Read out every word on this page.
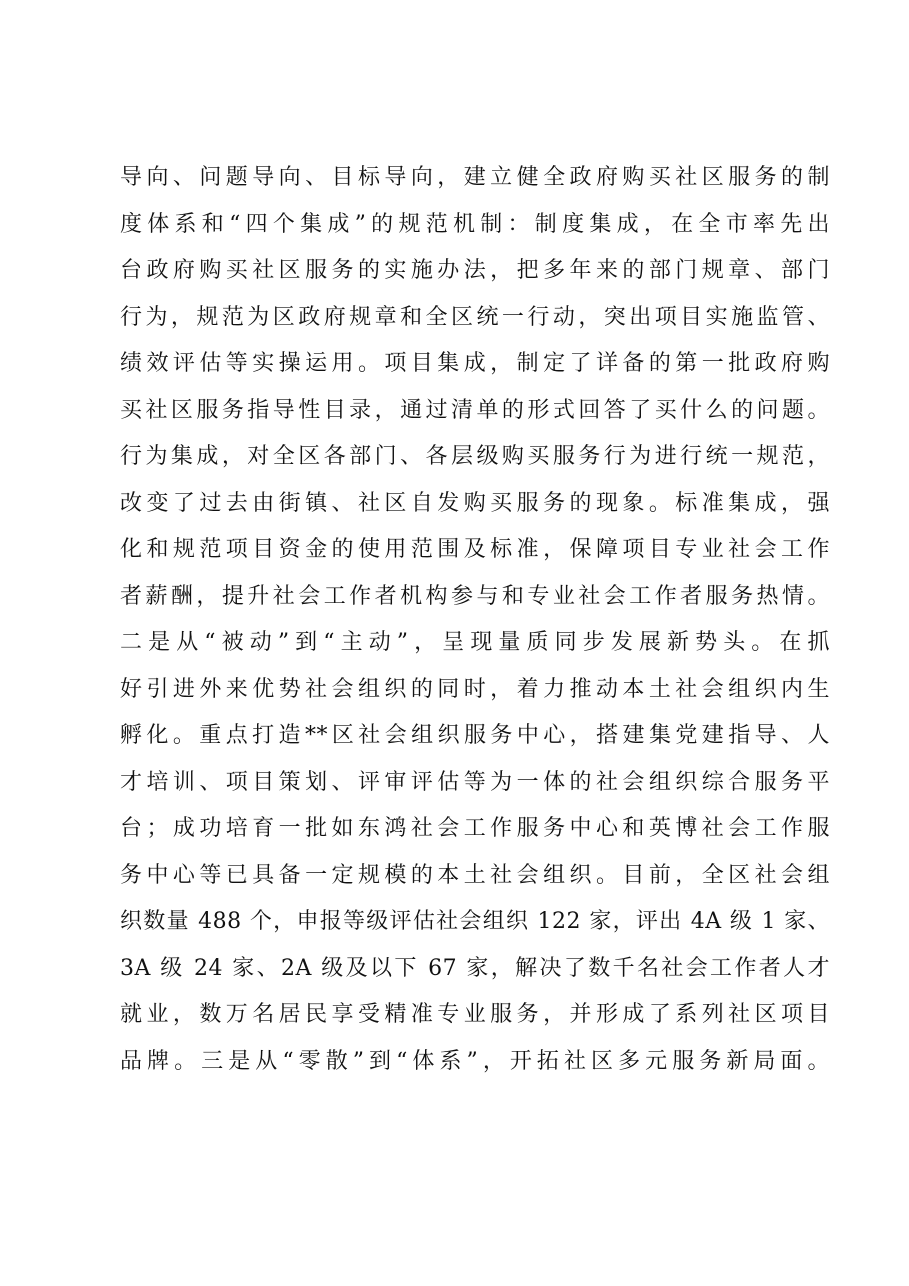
导向、问题导向、目标导向，建立健全政府购买社区服务的制
度体系和“四个集成”的规范机制：制度集成，在全市率先出
台政府购买社区服务的实施办法，把多年来的部门规章、部门
行为，规范为区政府规章和全区统一行动，突出项目实施监管、
绩效评估等实操运用。项目集成，制定了详备的第一批政府购
买社区服务指导性目录，通过清单的形式回答了买什么的问题。
行为集成，对全区各部门、各层级购买服务行为进行统一规范，
改变了过去由街镇、社区自发购买服务的现象。标准集成，强
化和规范项目资金的使用范围及标准，保障项目专业社会工作
者薪酬，提升社会工作者机构参与和专业社会工作者服务热情。
二是从“被动”到“主动”，呈现量质同步发展新势头。在抓
好引进外来优势社会组织的同时，着力推动本土社会组织内生
孵化。重点打造**区社会组织服务中心，搭建集党建指导、人
才培训、项目策划、评审评估等为一体的社会组织综合服务平
台；成功培育一批如东鸿社会工作服务中心和英博社会工作服
务中心等已具备一定规模的本土社会组织。目前，全区社会组
织数量 488 个，申报等级评估社会组织 122 家，评出 4A 级 1 家、
3A 级 24 家、2A 级及以下 67 家，解决了数千名社会工作者人才
就业，数万名居民享受精准专业服务，并形成了系列社区项目
品牌。三是从“零散”到“体系”，开拓社区多元服务新局面。
